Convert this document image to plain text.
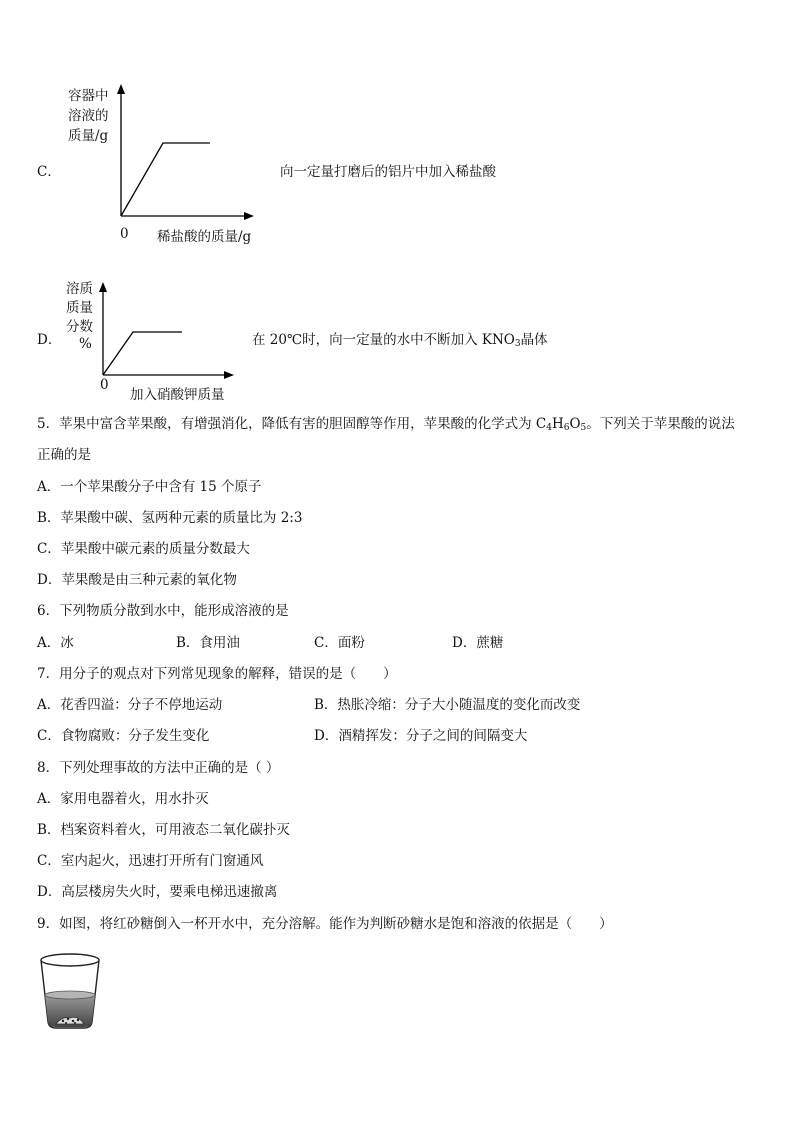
C．
容器中
溶液的
质量/g
0 稀盐酸的质量/g
向一定量打磨后的铝片中加入稀盐酸
D．
溶质
质量
分数
%
0
加入硝酸钾质量
在 20℃时，向一定量的水中不断加入 $KNO_3$晶体
5．苹果中富含苹果酸，有增强消化，降低有害的胆固醇等作用，苹果酸的化学式为 $C_4H_6O_5$。下列关于苹果酸的说法
正确的是
A．一个苹果酸分子中含有 15 个原子
B．苹果酸中碳、氢两种元素的质量比为 2:3
C．苹果酸中碳元素的质量分数最大
D．苹果酸是由三种元素的氧化物
6．下列物质分散到水中，能形成溶液的是
A．冰	B．食用油	C．面粉	D．蔗糖
7．用分子的观点对下列常见现象的解释，错误的是（　　）
A．花香四溢：分子不停地运动	B．热胀冷缩：分子大小随温度的变化而改变
C．食物腐败：分子发生变化	D．酒精挥发：分子之间的间隔变大
8．下列处理事故的方法中正确的是（ ）
A．家用电器着火，用水扑灭
B．档案资料着火，可用液态二氧化碳扑灭
C．室内起火，迅速打开所有门窗通风
D．高层楼房失火时，要乘电梯迅速撤离
9．如图，将红砂糖倒入一杯开水中，充分溶解。能作为判断砂糖水是饱和溶液的依据是（　　）
